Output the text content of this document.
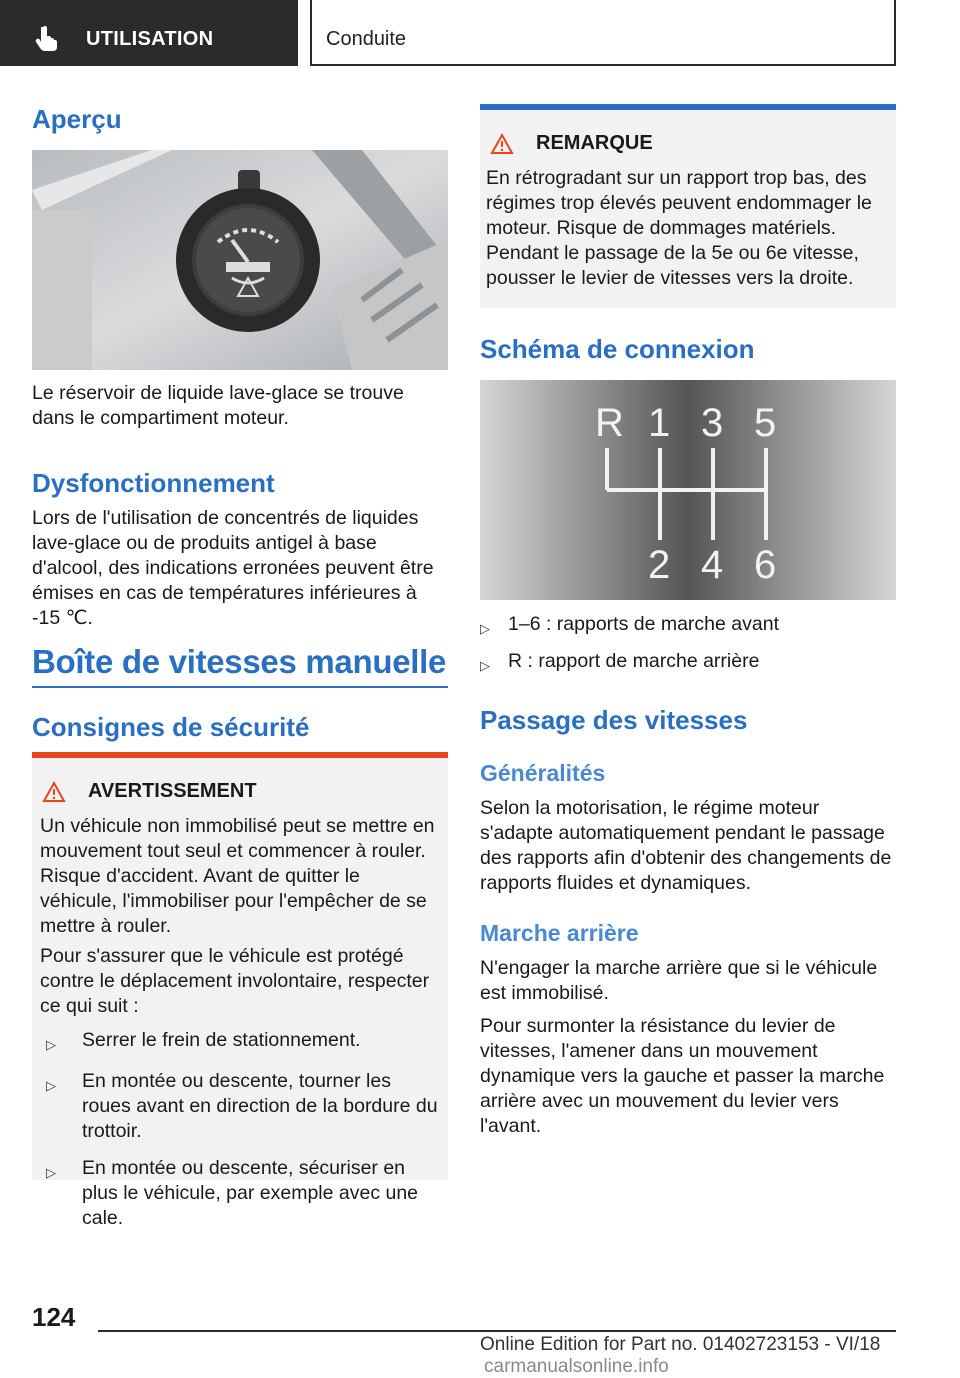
UTILISATION	Conduite
Aperçu
Le réservoir de liquide lave-glace se trouve dans le compartiment moteur.
Dysfonctionnement
Lors de l'utilisation de concentrés de liquides lave-glace ou de produits antigel à base d'alcool, des indications erronées peuvent être émises en cas de températures inférieures à -15 ℃.
Boîte de vitesses manuelle
Consignes de sécurité
AVERTISSEMENT
Un véhicule non immobilisé peut se mettre en mouvement tout seul et commencer à rouler. Risque d'accident. Avant de quitter le véhicule, l'immobiliser pour l'empêcher de se mettre à rouler.
Pour s'assurer que le véhicule est protégé contre le déplacement involontaire, respecter ce qui suit :
▷	Serrer le frein de stationnement.
▷	En montée ou descente, tourner les roues avant en direction de la bordure du trottoir.
▷	En montée ou descente, sécuriser en plus le véhicule, par exemple avec une cale.
REMARQUE
En rétrogradant sur un rapport trop bas, des régimes trop élevés peuvent endommager le moteur. Risque de dommages matériels. Pendant le passage de la 5e ou 6e vitesse, pousser le levier de vitesses vers la droite.
Schéma de connexion
R 1 3 5
2 4 6
▷ 1–6 : rapports de marche avant
▷ R : rapport de marche arrière
Passage des vitesses
Généralités
Selon la motorisation, le régime moteur s'adapte automatiquement pendant le passage des rapports afin d'obtenir des changements de rapports fluides et dynamiques.
Marche arrière
N'engager la marche arrière que si le véhicule est immobilisé.
Pour surmonter la résistance du levier de vitesses, l'amener dans un mouvement dynamique vers la gauche et passer la marche arrière avec un mouvement du levier vers l'avant.
124
Online Edition for Part no. 01402723153 - VI/18 carmanualsonline.info
